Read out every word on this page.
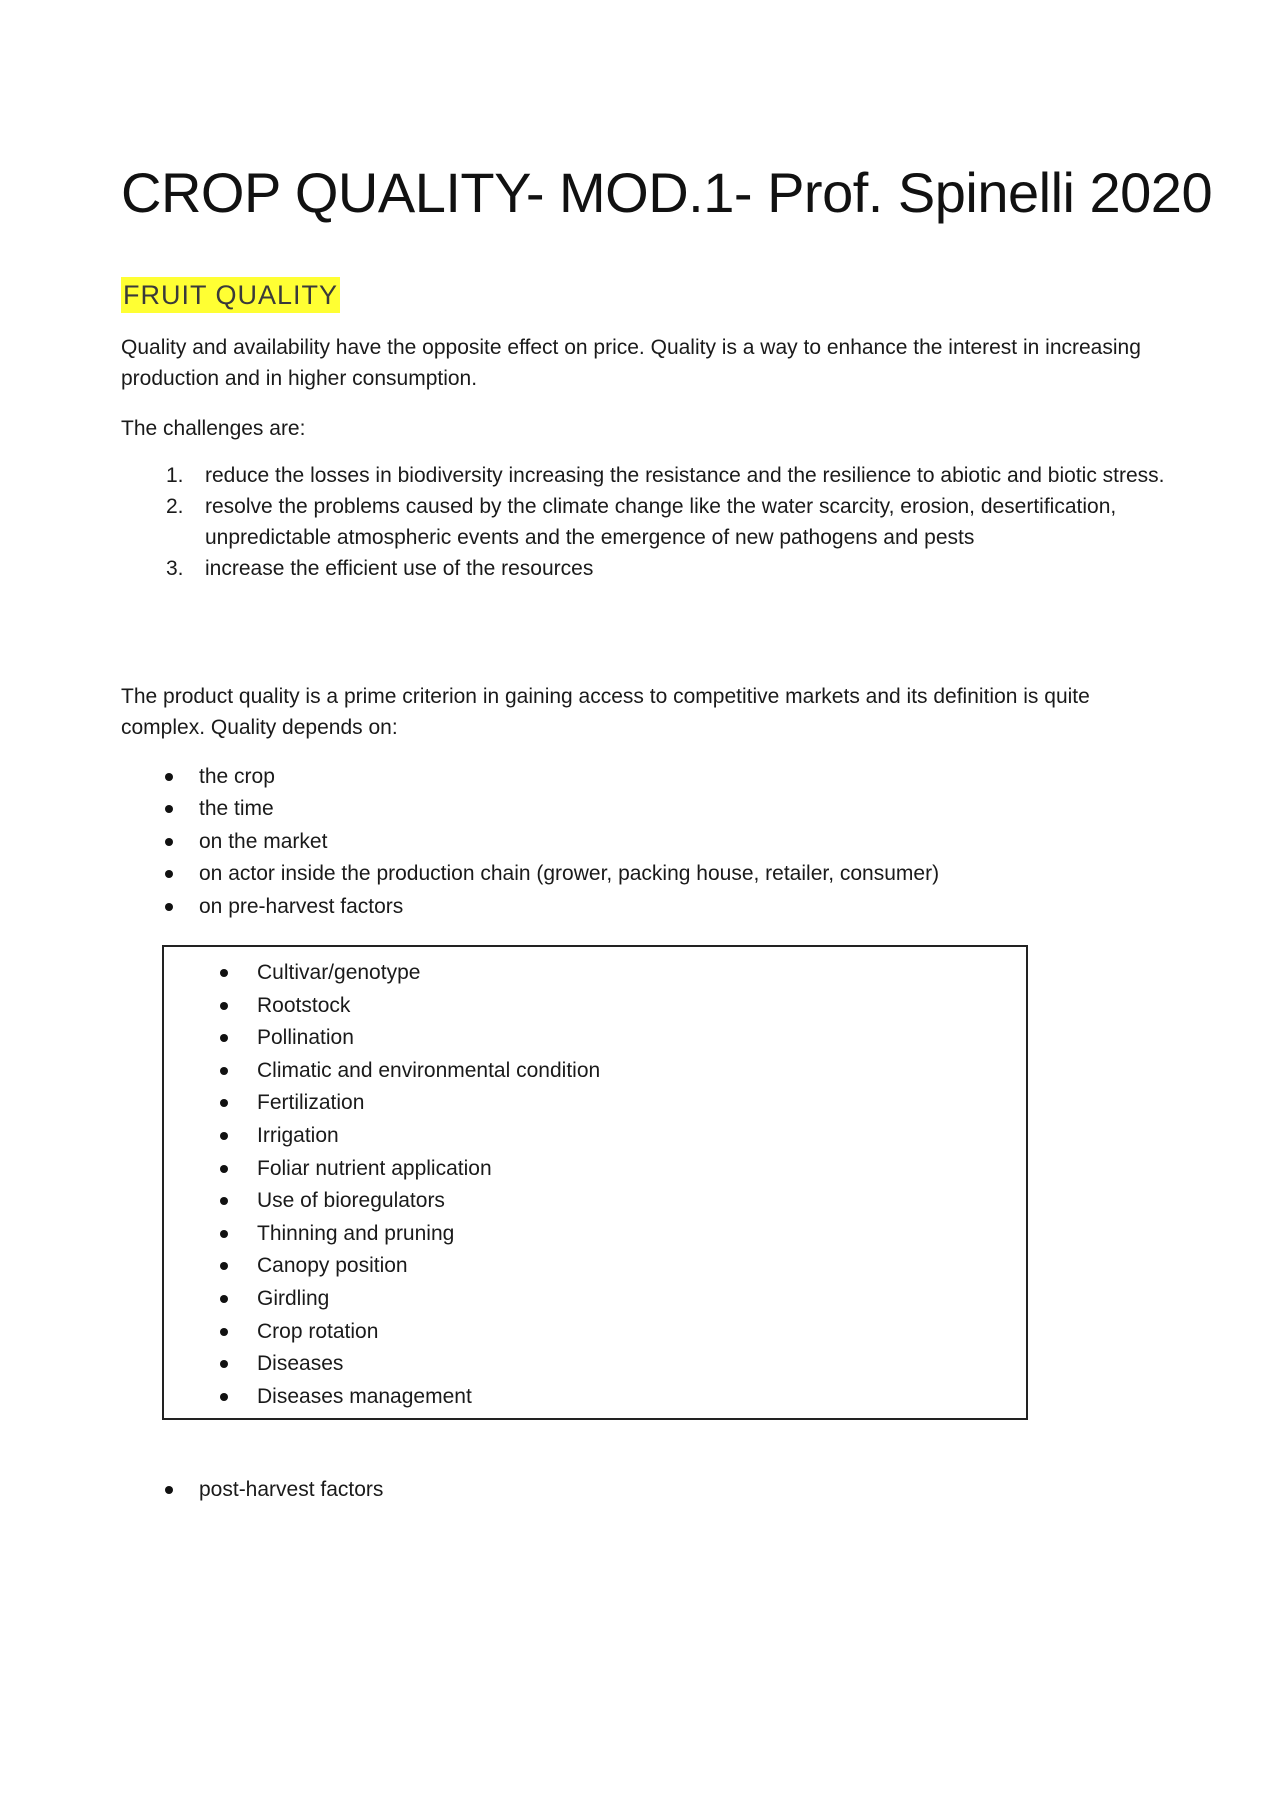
CROP QUALITY- MOD.1- Prof. Spinelli 2020
FRUIT QUALITY

Quality and availability have the opposite effect on price. Quality is a way to enhance the interest in increasing production and in higher consumption.

The challenges are:

1. reduce the losses in biodiversity increasing the resistance and the resilience to abiotic and biotic stress.
2. resolve the problems caused by the climate change like the water scarcity, erosion, desertification, unpredictable atmospheric events and the emergence of new pathogens and pests
3. increase the efficient use of the resources

The product quality is a prime criterion in gaining access to competitive markets and its definition is quite complex. Quality depends on:

the crop
the time
on the market
on actor inside the production chain (grower, packing house, retailer, consumer)
on pre-harvest factors
Cultivar/genotype
Rootstock
Pollination
Climatic and environmental condition
Fertilization
Irrigation
Foliar nutrient application
Use of bioregulators
Thinning and pruning
Canopy position
Girdling
Crop rotation
Diseases
Diseases management
post-harvest factors
